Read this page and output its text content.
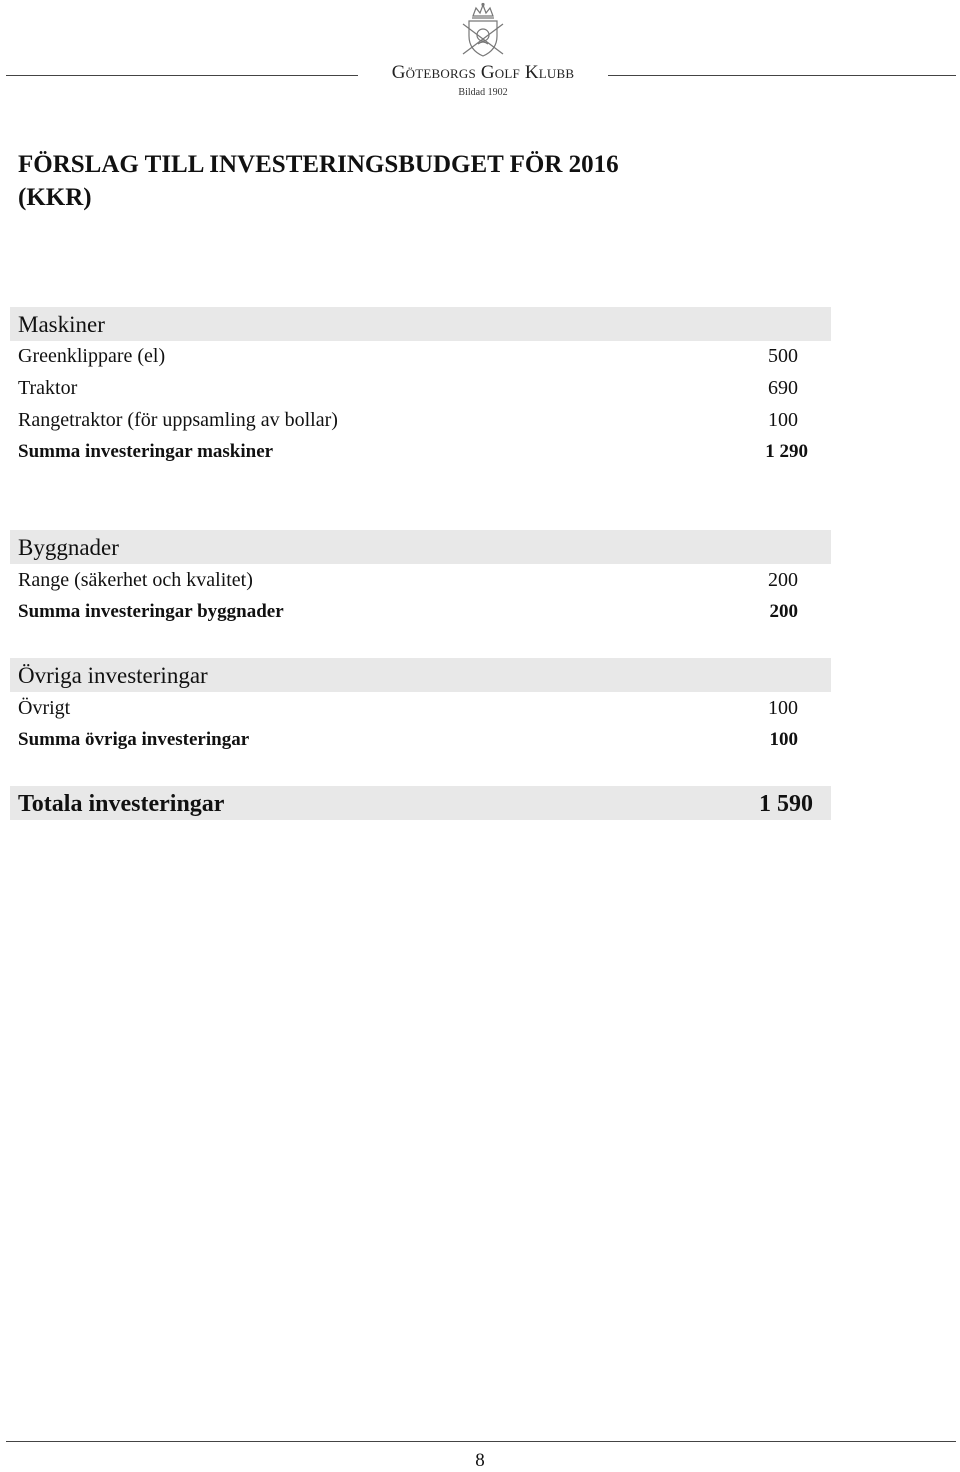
Göteborgs Golf Klubb
Bildad 1902
FÖRSLAG TILL INVESTERINGSBUDGET FÖR 2016
(KKR)
Maskiner
Greenklippare (el)	500
Traktor	690
Rangetraktor (för uppsamling av bollar)	100
Summa investeringar maskiner	1 290
Byggnader
Range (säkerhet och kvalitet)	200
Summa investeringar byggnader	200
Övriga investeringar
Övrigt	100
Summa övriga investeringar	100
Totala investeringar	1 590
8
